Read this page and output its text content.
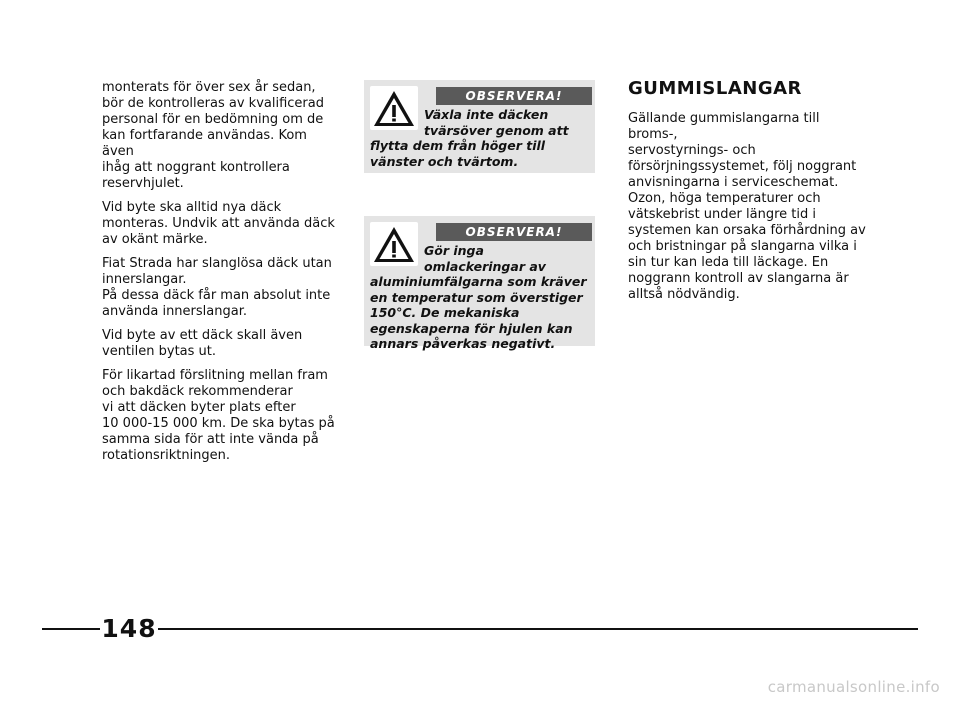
monterats för över sex år sedan,
bör de kontrolleras av kvalificerad
personal för en bedömning om de
kan fortfarande användas. Kom även
ihåg att noggrant kontrollera
reservhjulet.

Vid byte ska alltid nya däck
monteras. Undvik att använda däck
av okänt märke.

Fiat Strada har slanglösa däck utan
innerslangar.
På dessa däck får man absolut inte
använda innerslangar.

Vid byte av ett däck skall även
ventilen bytas ut.

För likartad förslitning mellan fram
och bakdäck rekommenderar
vi att däcken byter plats efter
10 000-15 000 km. De ska bytas på
samma sida för att inte vända på
rotationsriktningen.

OBSERVERA!
Växla inte däcken tvärsöver genom att flytta dem från höger till vänster och tvärtom.
OBSERVERA!
Gör inga omlackeringar av aluminiumfälgarna som kräver en temperatur som överstiger 150°C. De mekaniska egenskaperna för hjulen kan annars påverkas negativt.
GUMMISLANGAR

Gällande gummislangarna till broms-,
servostyrnings- och
försörjningssystemet, följ noggrant
anvisningarna i serviceschemat.
Ozon, höga temperaturer och
vätskebrist under längre tid i
systemen kan orsaka förhårdning av
och bristningar på slangarna vilka i
sin tur kan leda till läckage. En
noggrann kontroll av slangarna är
alltså nödvändig.

148
carmanualsonline.info
